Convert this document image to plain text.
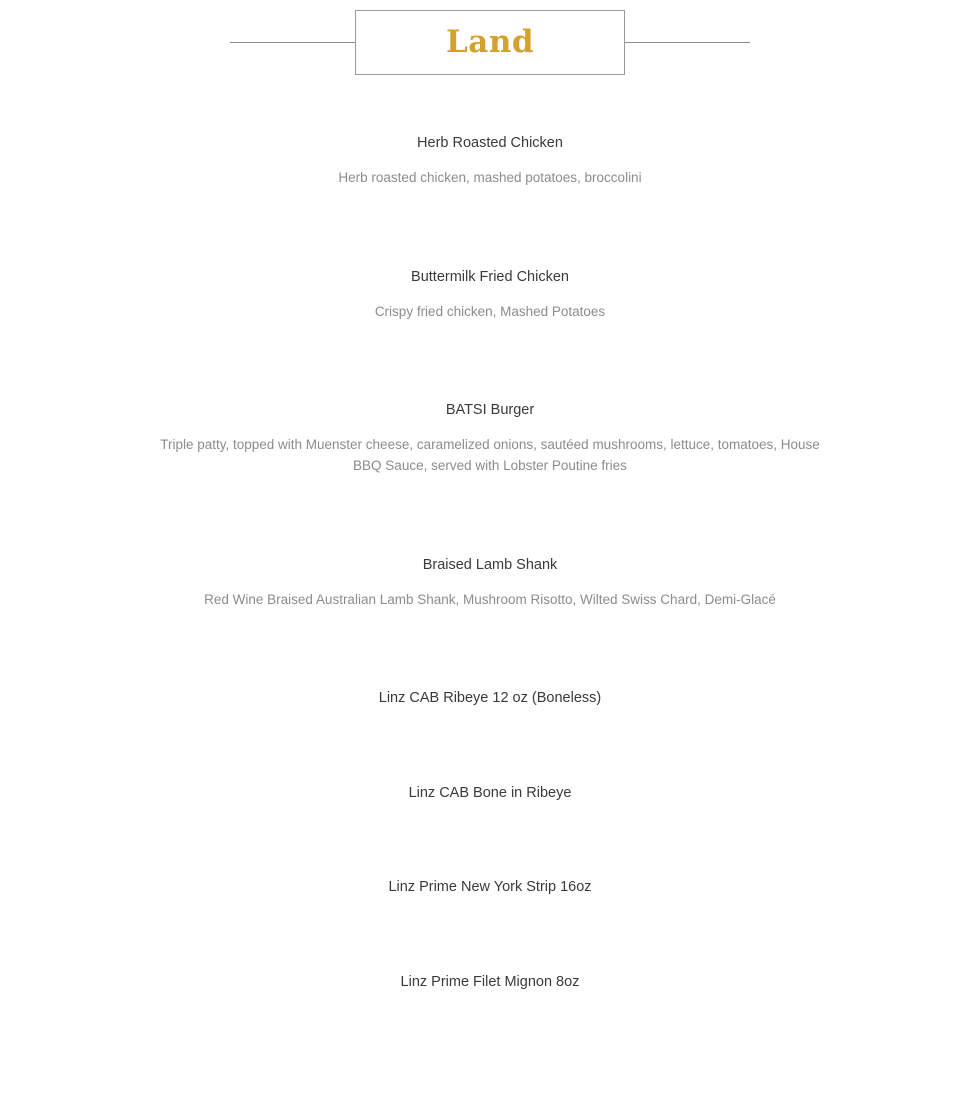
Land
Herb Roasted Chicken
Herb roasted chicken, mashed potatoes, broccolini
Buttermilk Fried Chicken
Crispy fried chicken, Mashed Potatoes
BATSI Burger
Triple patty, topped with Muenster cheese, caramelized onions, sautéed mushrooms, lettuce, tomatoes, House BBQ Sauce, served with Lobster Poutine fries
Braised Lamb Shank
Red Wine Braised Australian Lamb Shank, Mushroom Risotto, Wilted Swiss Chard, Demi-Glacé
Linz CAB Ribeye 12 oz (Boneless)
Linz CAB Bone in Ribeye
Linz Prime New York Strip 16oz
Linz Prime Filet Mignon 8oz
